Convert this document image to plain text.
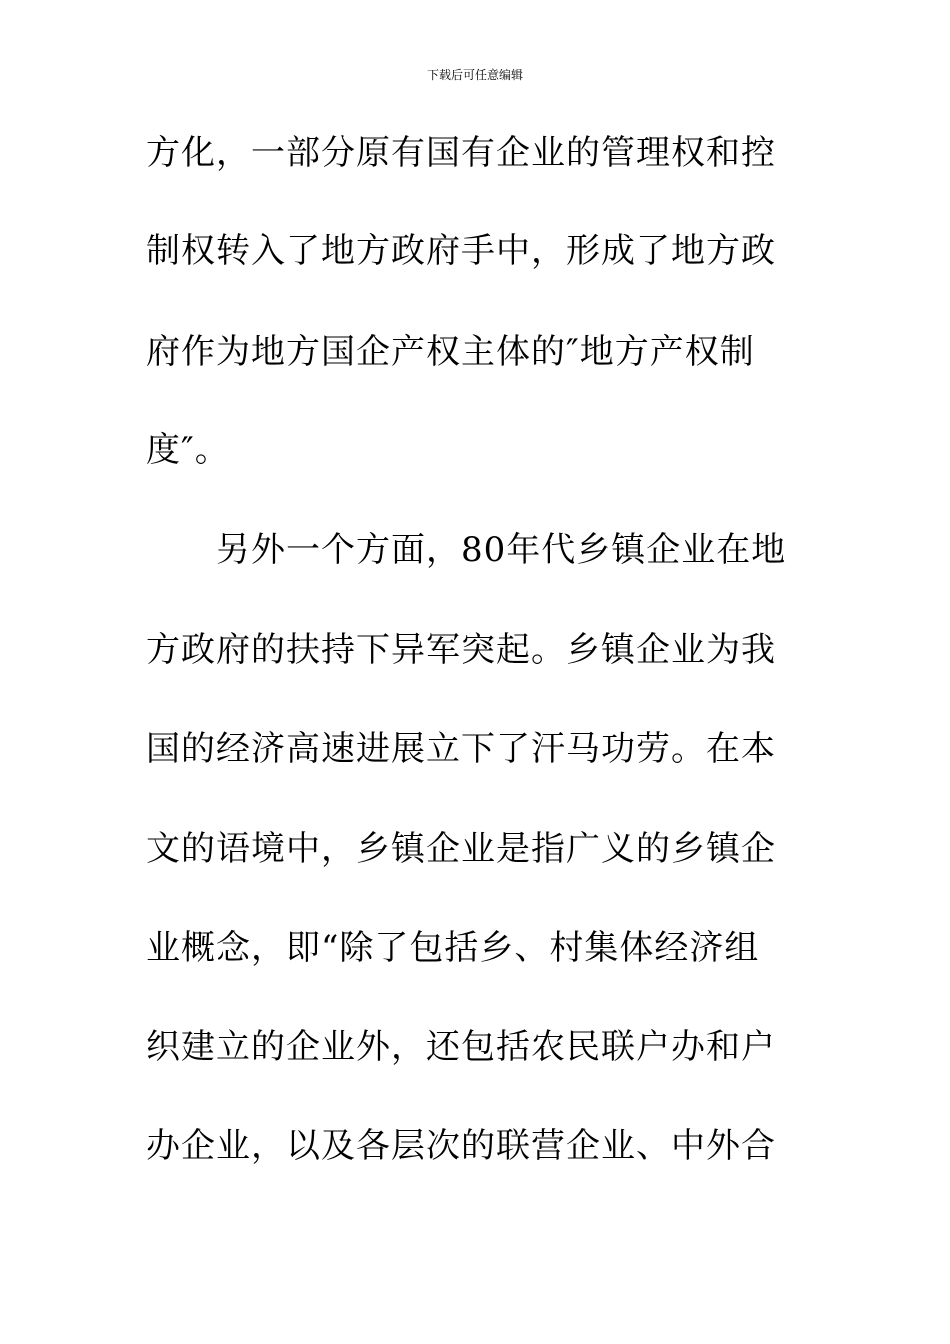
下载后可任意编辑
方化，一部分原有国有企业的管理权和控
制权转入了地方政府手中，形成了地方政
府作为地方国企产权主体的″地方产权制
度″。
另外一个方面，80年代乡镇企业在地
方政府的扶持下异军突起。乡镇企业为我
国的经济高速进展立下了汗马功劳。在本
文的语境中，乡镇企业是指广义的乡镇企
业概念，即“除了包括乡、村集体经济组
织建立的企业外，还包括农民联户办和户
办企业，以及各层次的联营企业、中外合
